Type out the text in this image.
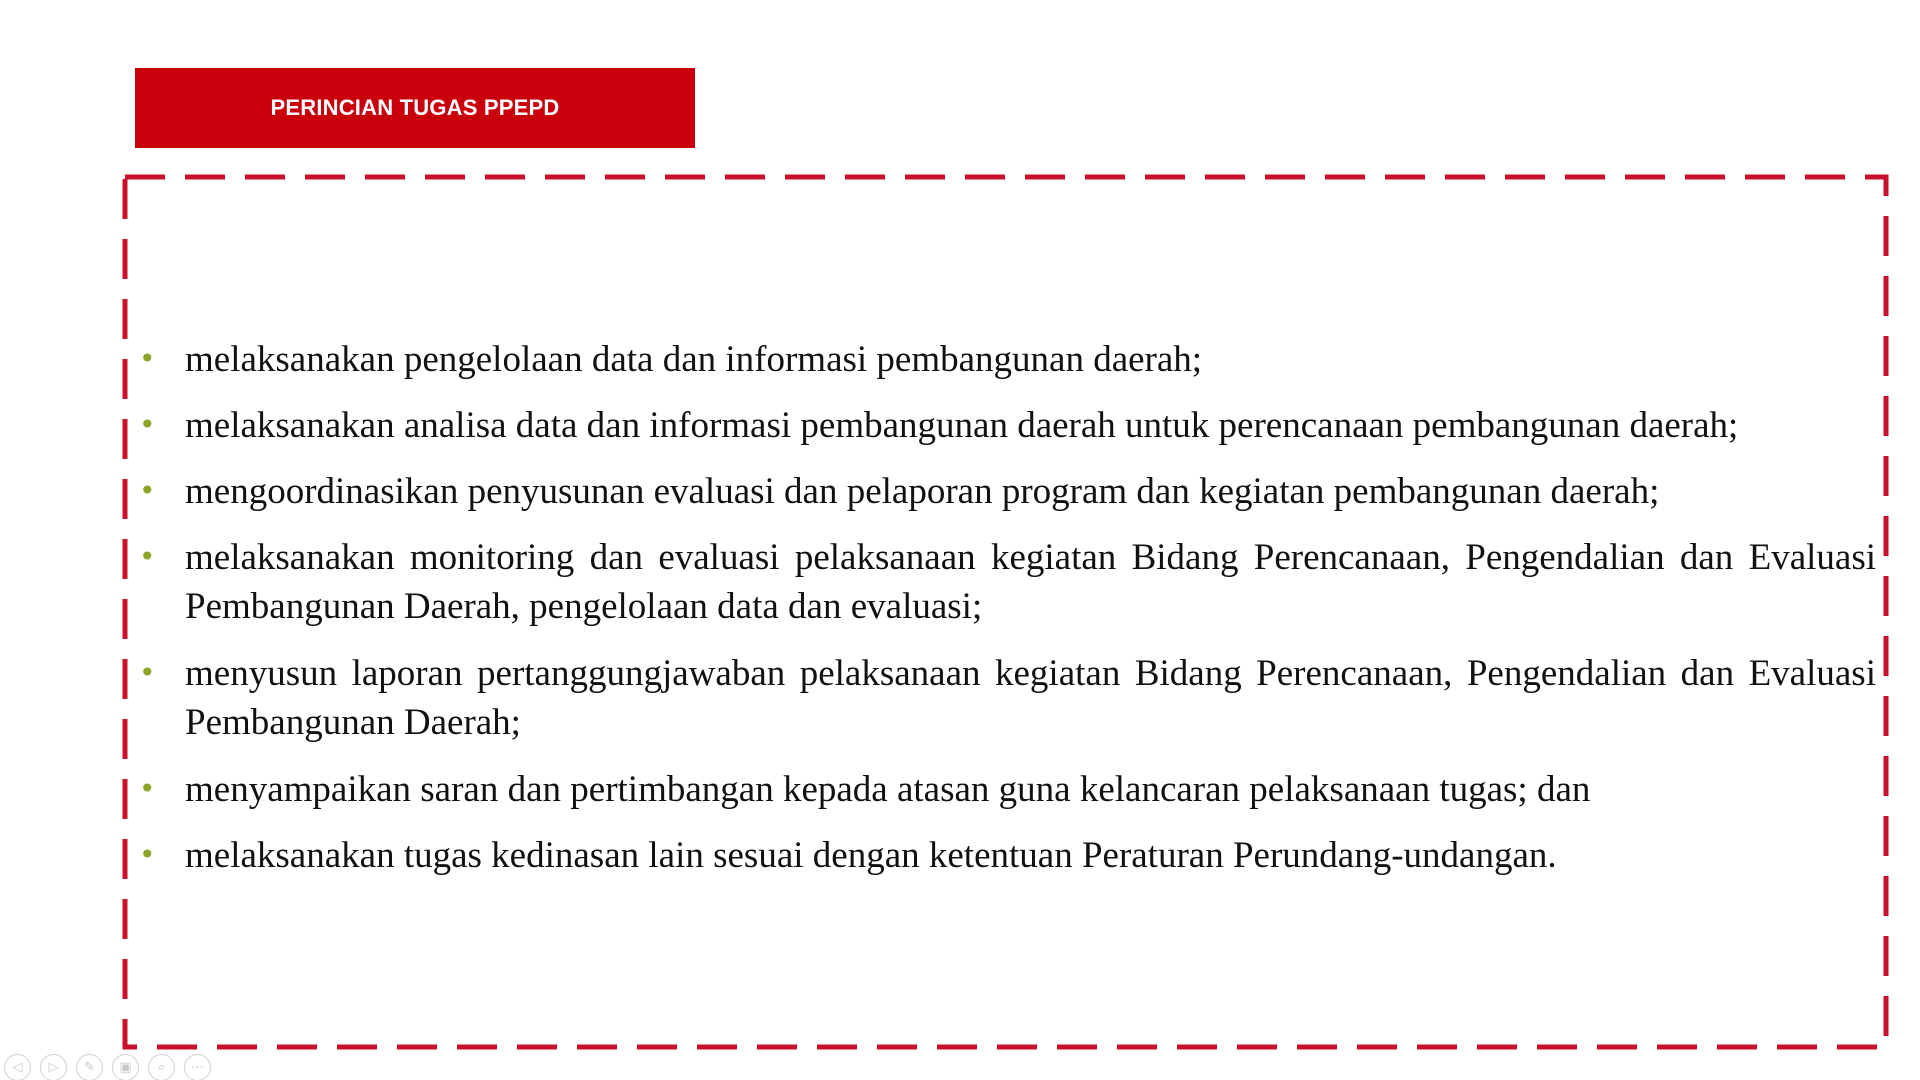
PERINCIAN TUGAS PPEPD
• melaksanakan pengelolaan data dan informasi pembangunan daerah;
• melaksanakan analisa data dan informasi pembangunan daerah untuk perencanaan pembangunan daerah;
• mengoordinasikan penyusunan evaluasi dan pelaporan program dan kegiatan pembangunan daerah;
• melaksanakan monitoring dan evaluasi pelaksanaan kegiatan Bidang Perencanaan, Pengendalian dan Evaluasi Pembangunan Daerah, pengelolaan data dan evaluasi;
• menyusun laporan pertanggungjawaban pelaksanaan kegiatan Bidang Perencanaan, Pengendalian dan Evaluasi Pembangunan Daerah;
• menyampaikan saran dan pertimbangan kepada atasan guna kelancaran pelaksanaan tugas; dan
• melaksanakan tugas kedinasan lain sesuai dengan ketentuan Peraturan Perundang-undangan.
◁	▷	✎	▣	⌕	⋯
